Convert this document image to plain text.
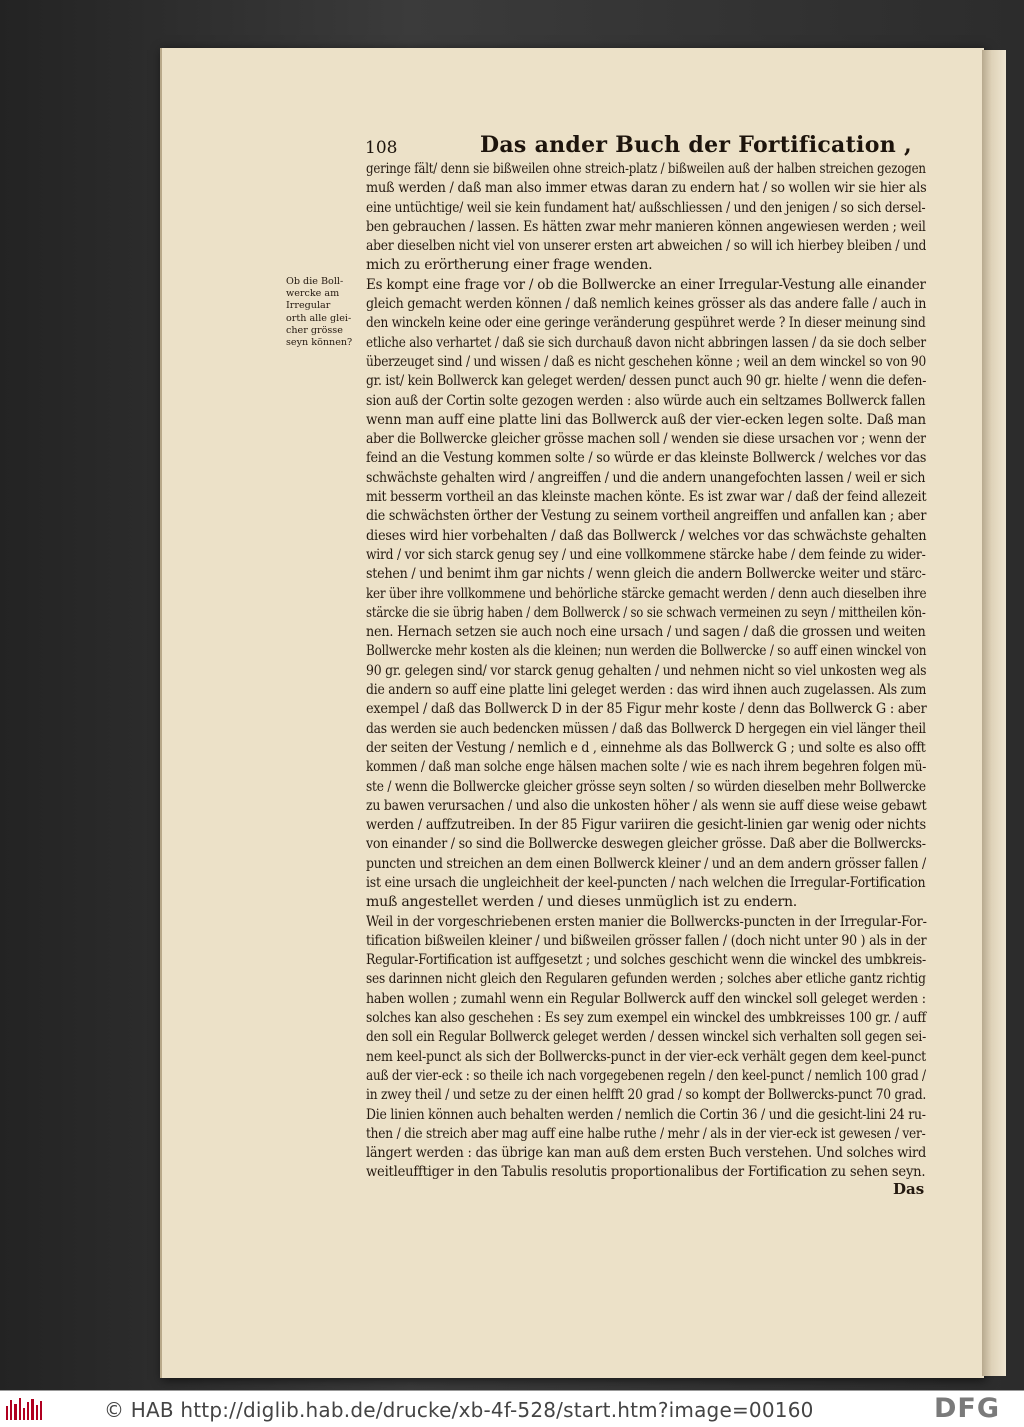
108	Das ander Buch der Fortification ,
Ob die Boll-
wercke am
Irregular
orth alle glei-
cher grösse
seyn können?
geringe fält/ denn sie bißweilen ohne streich-platz / bißweilen auß der halben streichen gezogen
muß werden / daß man also immer etwas daran zu endern hat / so wollen wir sie hier als
eine untüchtige/ weil sie kein fundament hat/ außschliessen / und den jenigen / so sich dersel-
ben gebrauchen / lassen. Es hätten zwar mehr manieren können angewiesen werden ; weil
aber dieselben nicht viel von unserer ersten art abweichen / so will ich hierbey bleiben / und
mich zu erörtherung einer frage wenden.
Es kompt eine frage vor / ob die Bollwercke an einer Irregular-Vestung alle einander
gleich gemacht werden können / daß nemlich keines grösser als das andere falle / auch in
den winckeln keine oder eine geringe veränderung gespühret werde ? In dieser meinung sind
etliche also verhartet / daß sie sich durchauß davon nicht abbringen lassen / da sie doch selber
überzeuget sind / und wissen / daß es nicht geschehen könne ; weil an dem winckel so von 90
gr. ist/ kein Bollwerck kan geleget werden/ dessen punct auch 90 gr. hielte / wenn die defen-
sion auß der Cortin solte gezogen werden : also würde auch ein seltzames Bollwerck fallen
wenn man auff eine platte lini das Bollwerck auß der vier-ecken legen solte. Daß man
aber die Bollwercke gleicher grösse machen soll / wenden sie diese ursachen vor ; wenn der
feind an die Vestung kommen solte / so würde er das kleinste Bollwerck / welches vor das
schwächste gehalten wird / angreiffen / und die andern unangefochten lassen / weil er sich
mit besserm vortheil an das kleinste machen könte. Es ist zwar war / daß der feind allezeit
die schwächsten örther der Vestung zu seinem vortheil angreiffen und anfallen kan ; aber
dieses wird hier vorbehalten / daß das Bollwerck / welches vor das schwächste gehalten
wird / vor sich starck genug sey / und eine vollkommene stärcke habe / dem feinde zu wider-
stehen / und benimt ihm gar nichts / wenn gleich die andern Bollwercke weiter und stärc-
ker über ihre vollkommene und behörliche stärcke gemacht werden / denn auch dieselben ihre
stärcke die sie übrig haben / dem Bollwerck / so sie schwach vermeinen zu seyn / mittheilen kön-
nen. Hernach setzen sie auch noch eine ursach / und sagen / daß die grossen und weiten
Bollwercke mehr kosten als die kleinen; nun werden die Bollwercke / so auff einen winckel von
90 gr. gelegen sind/ vor starck genug gehalten / und nehmen nicht so viel unkosten weg als
die andern so auff eine platte lini geleget werden : das wird ihnen auch zugelassen. Als zum
exempel / daß das Bollwerck D in der 85 Figur mehr koste / denn das Bollwerck G : aber
das werden sie auch bedencken müssen / daß das Bollwerck D hergegen ein viel länger theil
der seiten der Vestung / nemlich e d , einnehme als das Bollwerck G ; und solte es also offt
kommen / daß man solche enge hälsen machen solte / wie es nach ihrem begehren folgen mü-
ste / wenn die Bollwercke gleicher grösse seyn solten / so würden dieselben mehr Bollwercke
zu bawen verursachen / und also die unkosten höher / als wenn sie auff diese weise gebawt
werden / auffzutreiben. In der 85 Figur variiren die gesicht-linien gar wenig oder nichts
von einander / so sind die Bollwercke deswegen gleicher grösse. Daß aber die Bollwercks-
puncten und streichen an dem einen Bollwerck kleiner / und an dem andern grösser fallen /
ist eine ursach die ungleichheit der keel-puncten / nach welchen die Irregular-Fortification
muß angestellet werden / und dieses unmüglich ist zu endern.
Weil in der vorgeschriebenen ersten manier die Bollwercks-puncten in der Irregular-For-
tification bißweilen kleiner / und bißweilen grösser fallen / (doch nicht unter 90 ) als in der
Regular-Fortification ist auffgesetzt ; und solches geschicht wenn die winckel des umbkreis-
ses darinnen nicht gleich den Regularen gefunden werden ; solches aber etliche gantz richtig
haben wollen ; zumahl wenn ein Regular Bollwerck auff den winckel soll geleget werden :
solches kan also geschehen : Es sey zum exempel ein winckel des umbkreisses 100 gr. / auff
den soll ein Regular Bollwerck geleget werden / dessen winckel sich verhalten soll gegen sei-
nem keel-punct als sich der Bollwercks-punct in der vier-eck verhält gegen dem keel-punct
auß der vier-eck : so theile ich nach vorgegebenen regeln / den keel-punct / nemlich 100 grad /
in zwey theil / und setze zu der einen helfft 20 grad / so kompt der Bollwercks-punct 70 grad.
Die linien können auch behalten werden / nemlich die Cortin 36 / und die gesicht-lini 24 ru-
then / die streich aber mag auff eine halbe ruthe / mehr / als in der vier-eck ist gewesen / ver-
längert werden : das übrige kan man auß dem ersten Buch verstehen. Und solches wird
weitleufftiger in den Tabulis resolutis proportionalibus der Fortification zu sehen seyn.
Das
© HAB http://diglib.hab.de/drucke/xb-4f-528/start.htm?image=00160	DFG
